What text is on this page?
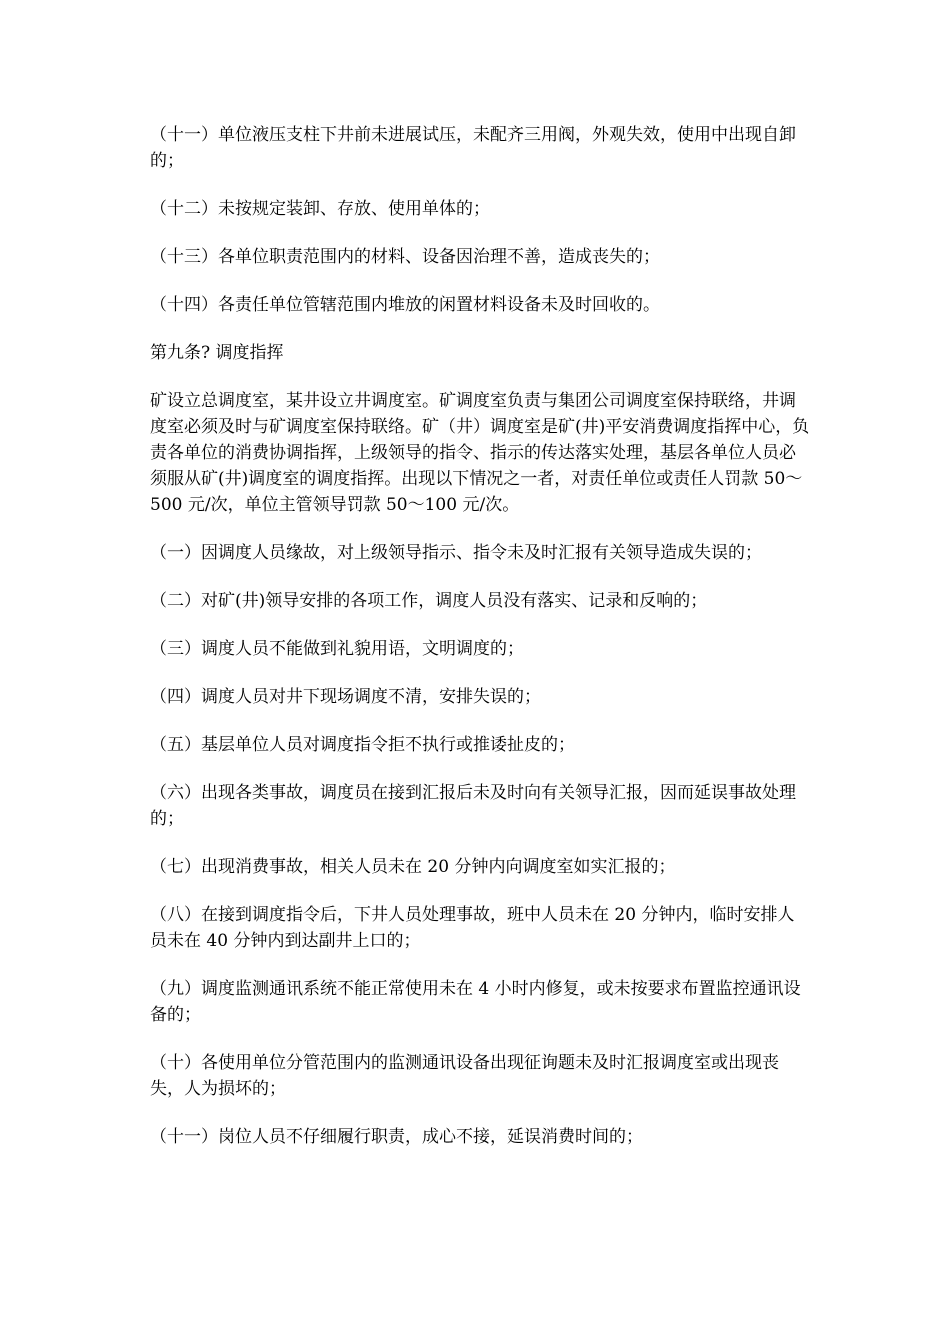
（十一）单位液压支柱下井前未进展试压，未配齐三用阀，外观失效，使用中出现自卸的；

（十二）未按规定装卸、存放、使用单体的；

（十三）各单位职责范围内的材料、设备因治理不善，造成丧失的；

（十四）各责任单位管辖范围内堆放的闲置材料设备未及时回收的。

第九条? 调度指挥

矿设立总调度室，某井设立井调度室。矿调度室负责与集团公司调度室保持联络，井调度室必须及时与矿调度室保持联络。矿（井）调度室是矿(井)平安消费调度指挥中心，负责各单位的消费协调指挥，上级领导的指令、指示的传达落实处理，基层各单位人员必须服从矿(井)调度室的调度指挥。出现以下情况之一者，对责任单位或责任人罚款 50～500 元/次，单位主管领导罚款 50～100 元/次。

（一）因调度人员缘故，对上级领导指示、指令未及时汇报有关领导造成失误的；

（二）对矿(井)领导安排的各项工作，调度人员没有落实、记录和反响的；

（三）调度人员不能做到礼貌用语，文明调度的；

（四）调度人员对井下现场调度不清，安排失误的；

（五）基层单位人员对调度指令拒不执行或推诿扯皮的；

（六）出现各类事故，调度员在接到汇报后未及时向有关领导汇报，因而延误事故处理的；

（七）出现消费事故，相关人员未在 20 分钟内向调度室如实汇报的；

（八）在接到调度指令后，下井人员处理事故，班中人员未在 20 分钟内，临时安排人员未在 40 分钟内到达副井上口的；

（九）调度监测通讯系统不能正常使用未在 4 小时内修复，或未按要求布置监控通讯设备的；

（十）各使用单位分管范围内的监测通讯设备出现征询题未及时汇报调度室或出现丧失，人为损坏的；

（十一）岗位人员不仔细履行职责，成心不接，延误消费时间的；
